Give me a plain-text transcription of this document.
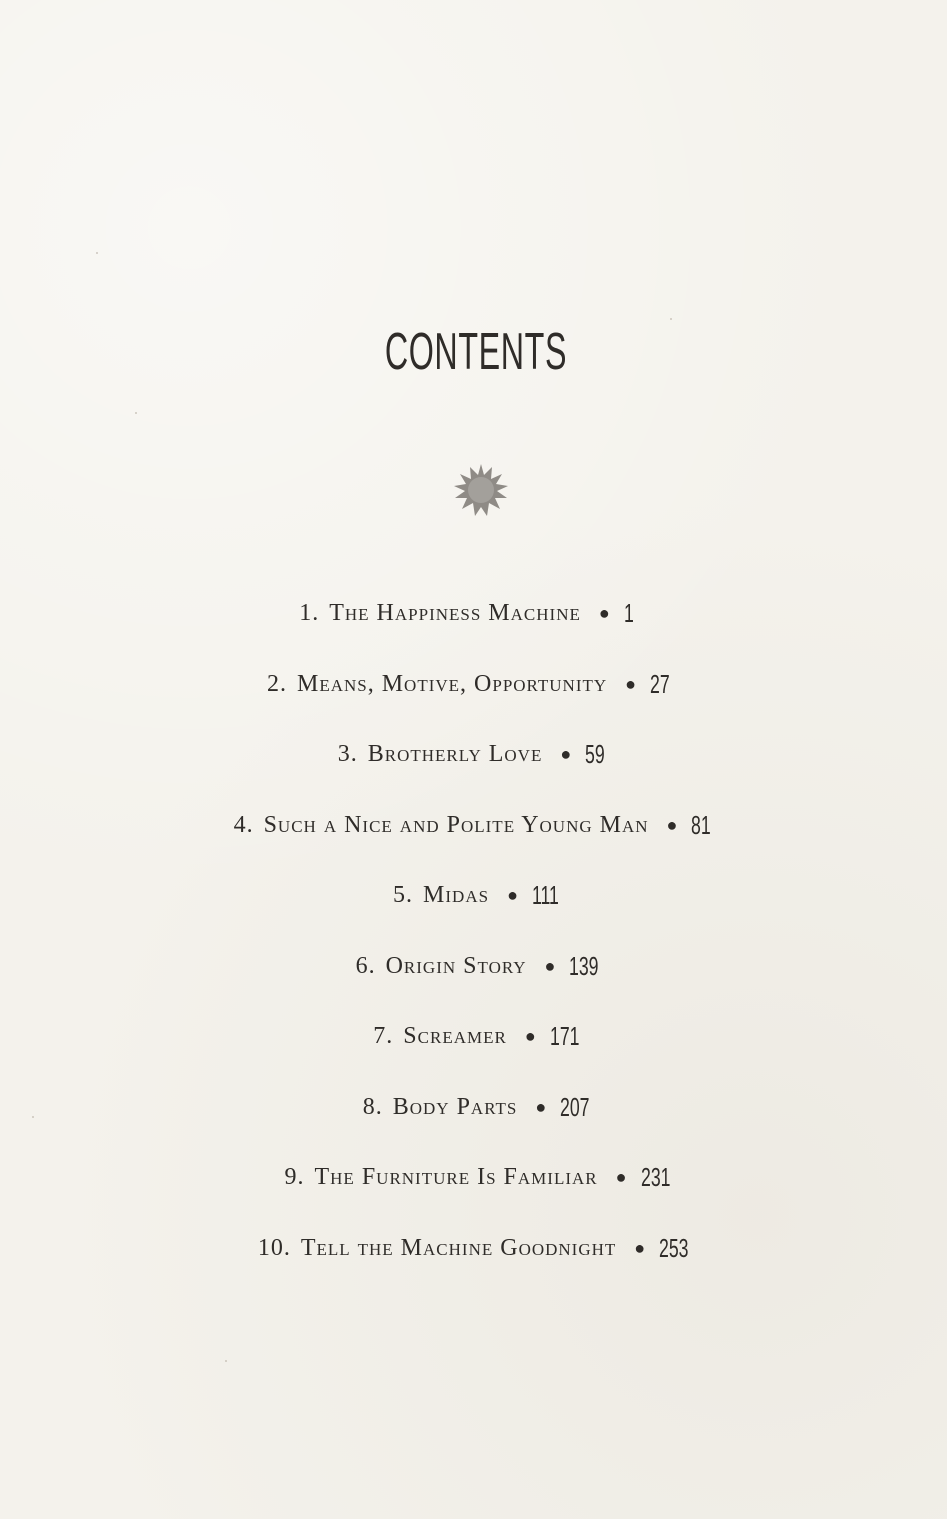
CONTENTS
1. The Happiness Machine ● 1
2. Means, Motive, Opportunity ● 27
3. Brotherly Love ● 59
4. Such a Nice and Polite Young Man ● 81
5. Midas ● 111
6. Origin Story ● 139
7. Screamer ● 171
8. Body Parts ● 207
9. The Furniture Is Familiar ● 231
10. Tell the Machine Goodnight ● 253
